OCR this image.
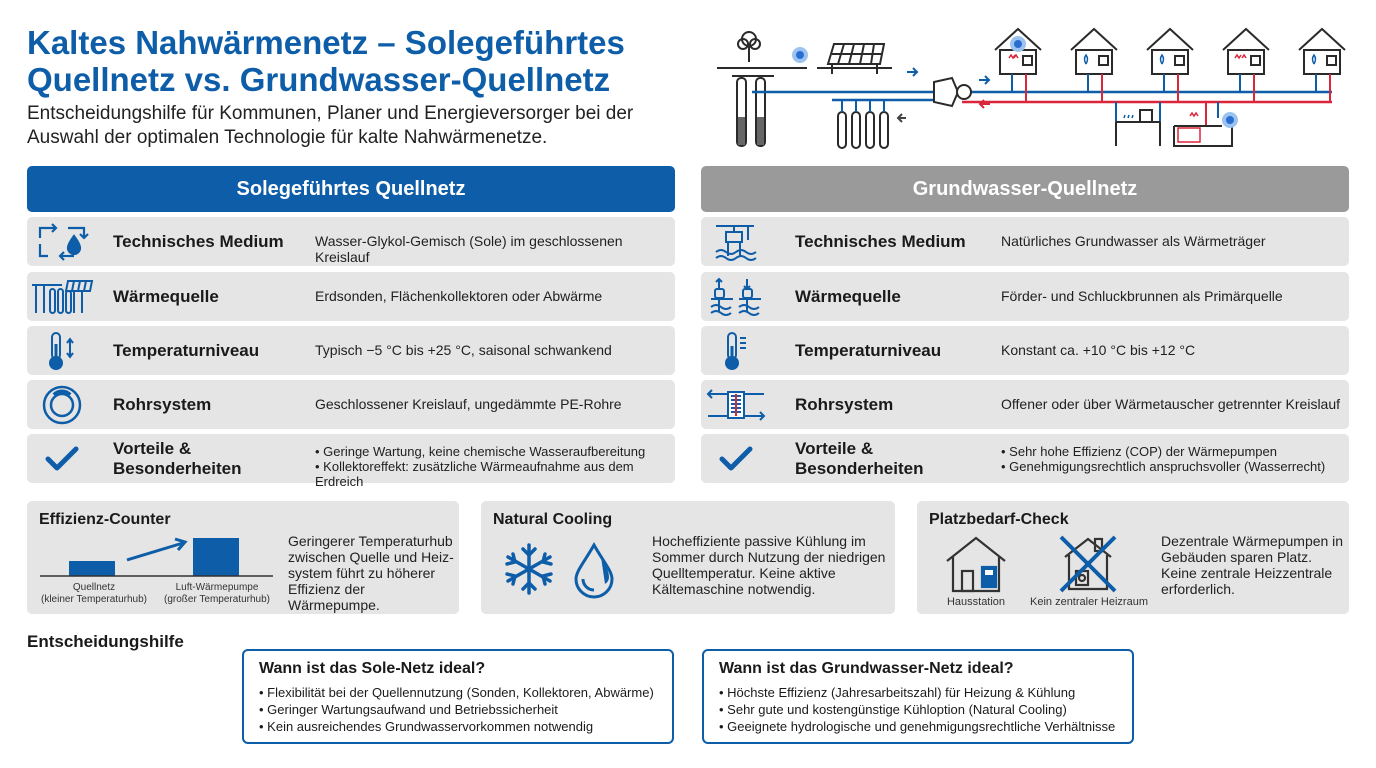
Kaltes Nahwärmenetz – Solegeführtes
Quellnetz vs. Grundwasser-Quellnetz
Entscheidungshilfe für Kommunen, Planer und Energieversorger bei der
Auswahl der optimalen Technologie für kalte Nahwärmenetze.
Solegeführtes Quellnetz	Grundwasser-Quellnetz
Technisches Medium	Wasser-Glykol-Gemisch (Sole) im geschlossenen Kreislauf
Wärmequelle	Erdsonden, Flächenkollektoren oder Abwärme
Temperaturniveau	Typisch −5 °C bis +25 °C, saisonal schwankend
Rohrsystem	Geschlossener Kreislauf, ungedämmte PE-Rohre
Vorteile & Besonderheiten
• Geringe Wartung, keine chemische Wasseraufbereitung
• Kollektoreffekt: zusätzliche Wärmeaufnahme aus dem Erdreich
Technisches Medium	Natürliches Grundwasser als Wärmeträger
Wärmequelle	Förder- und Schluckbrunnen als Primärquelle
Temperaturniveau	Konstant ca. +10 °C bis +12 °C
Rohrsystem	Offener oder über Wärmetauscher getrennter Kreislauf
Vorteile & Besonderheiten
• Sehr hohe Effizienz (COP) der Wärmepumpen
• Genehmigungsrechtlich anspruchsvoller (Wasserrecht)
Effizienz-Counter
Quellnetz
(kleiner Temperaturhub)
Luft-Wärmepumpe
(großer Temperaturhub)
Geringerer Temperaturhub
zwischen Quelle und Heiz-
system führt zu höherer
Effizienz der Wärmepumpe.
Natural Cooling
Hocheffiziente passive Kühlung im
Sommer durch Nutzung der niedrigen
Quelltemperatur. Keine aktive
Kältemaschine notwendig.
Platzbedarf-Check
Hausstation	Kein zentraler Heizraum
Dezentrale Wärmepumpen in
Gebäuden sparen Platz.
Keine zentrale Heizzentrale
erforderlich.
Entscheidungshilfe
Wann ist das Sole-Netz ideal?
• Flexibilität bei der Quellennutzung (Sonden, Kollektoren, Abwärme)
• Geringer Wartungsaufwand und Betriebssicherheit
• Kein ausreichendes Grundwasservorkommen notwendig
Wann ist das Grundwasser-Netz ideal?
• Höchste Effizienz (Jahresarbeitszahl) für Heizung & Kühlung
• Sehr gute und kostengünstige Kühloption (Natural Cooling)
• Geeignete hydrologische und genehmigungsrechtliche Verhältnisse
